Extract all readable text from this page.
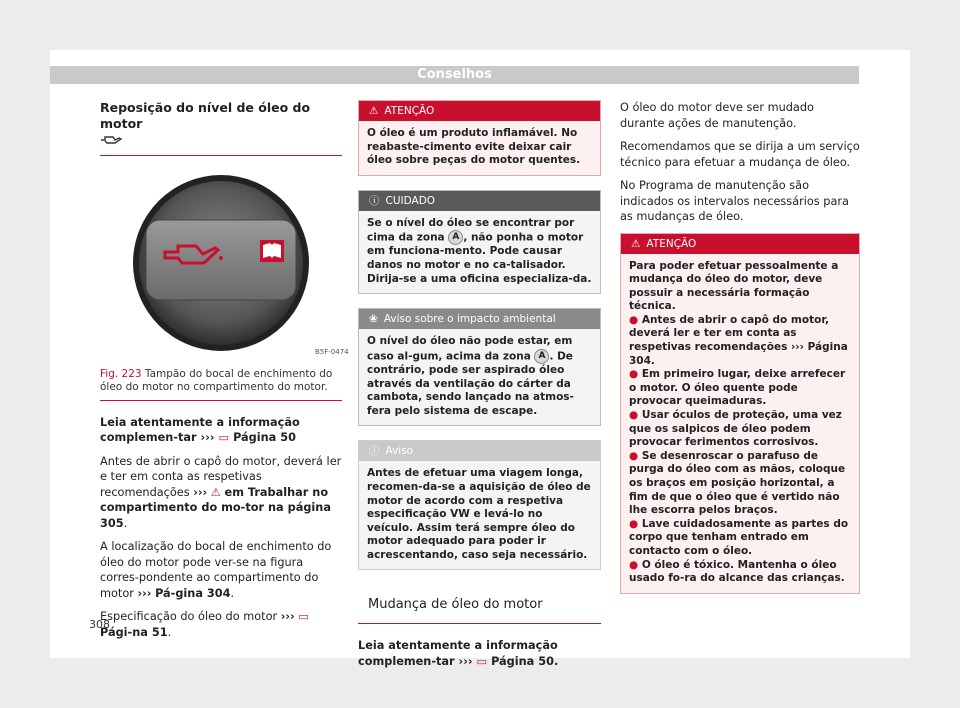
Conselhos
Reposição do nível de óleo do motor
B5F-0474
Fig. 223 Tampão do bocal de enchimento do óleo do motor no compartimento do motor.

Leia atentamente a informação complemen-tar ››› ▭ Página 50

Antes de abrir o capô do motor, deverá ler e ter em conta as respetivas recomendações ››› ⚠ em Trabalhar no compartimento do mo-tor na página 305.

A localização do bocal de enchimento do óleo do motor pode ver-se na figura corres-pondente ao compartimento do motor ››› Pá-gina 304.

Especificação do óleo do motor ››› ▭ Pági-na 51.

⚠ ATENÇÃO
O óleo é um produto inflamável. No reabaste-cimento evite deixar cair óleo sobre peças do motor quentes.
ⓘ CUIDADO
Se o nível do óleo se encontrar por cima da zona A , não ponha o motor em funciona-mento. Pode causar danos no motor e no ca-talisador. Dirija-se a uma oficina especializa-da.
❀ Aviso sobre o impacto ambiental
O nível do óleo não pode estar, em caso al-gum, acima da zona A . De contrário, pode ser aspirado óleo através da ventilação do cárter da cambota, sendo lançado na atmos-fera pelo sistema de escape.
ⓘ Aviso
Antes de efetuar uma viagem longa, recomen-da-se a aquisição de óleo de motor de acordo com a respetiva especificação VW e levá-lo no veículo. Assim terá sempre óleo do motor adequado para poder ir acrescentando, caso seja necessário.
Mudança de óleo do motor

Leia atentamente a informação complemen-tar ››› ▭ Página 50.

O óleo do motor deve ser mudado durante ações de manutenção.

Recomendamos que se dirija a um serviço técnico para efetuar a mudança de óleo.

No Programa de manutenção são indicados os intervalos necessários para as mudanças de óleo.

⚠ ATENÇÃO
Para poder efetuar pessoalmente a mudança do óleo do motor, deve possuir a necessária formação técnica.
● Antes de abrir o capô do motor, deverá ler e ter em conta as respetivas recomendações ››› Página 304.
● Em primeiro lugar, deixe arrefecer o motor. O óleo quente pode provocar queimaduras.
● Usar óculos de proteção, uma vez que os salpicos de óleo podem provocar ferimentos corrosivos.
● Se desenroscar o parafuso de purga do óleo com as mãos, coloque os braços em posição horizontal, a fim de que o óleo que é vertido não lhe escorra pelos braços.
● Lave cuidadosamente as partes do corpo que tenham entrado em contacto com o óleo.
● O óleo é tóxico. Mantenha o óleo usado fo-ra do alcance das crianças.
308
